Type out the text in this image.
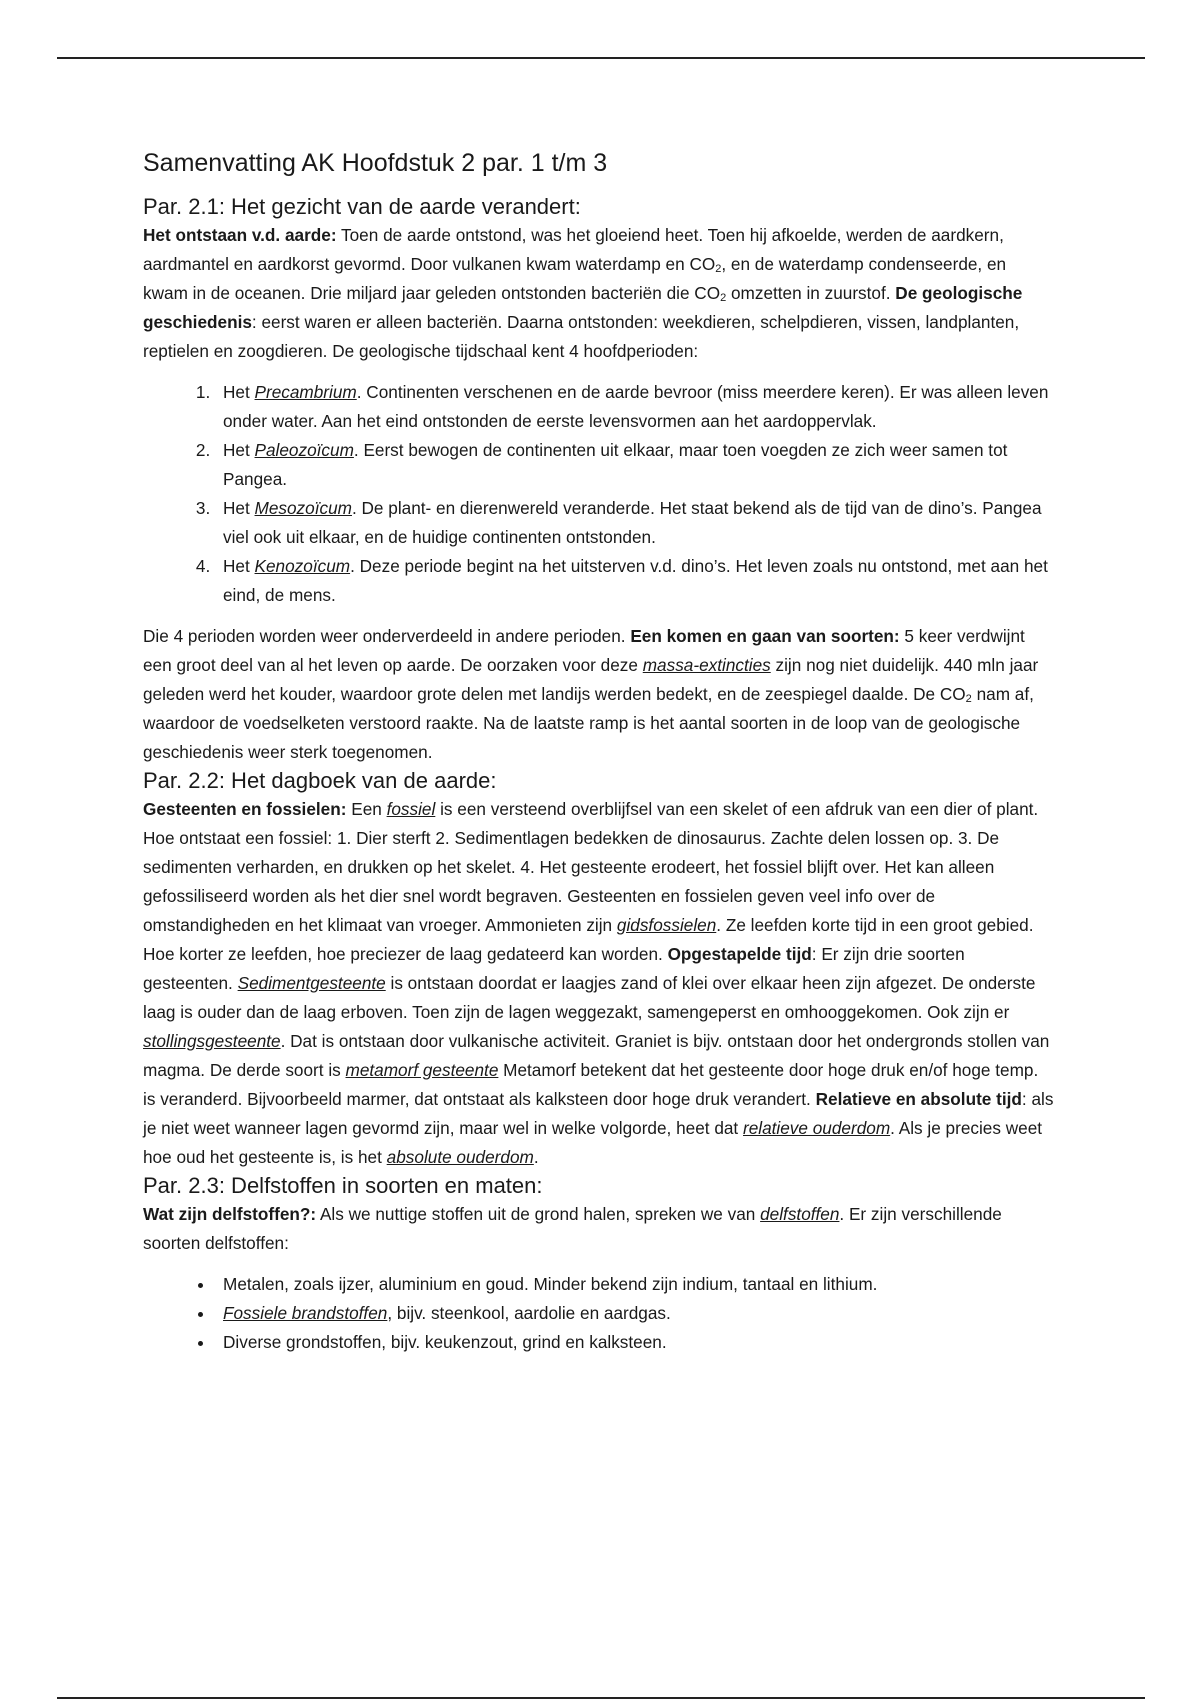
Samenvatting AK Hoofdstuk 2 par. 1 t/m 3
Par. 2.1: Het gezicht van de aarde verandert:

Het ontstaan v.d. aarde: Toen de aarde ontstond, was het gloeiend heet. Toen hij afkoelde, werden de aardkern, aardmantel en aardkorst gevormd. Door vulkanen kwam waterdamp en $CO_2$, en de waterdamp condenseerde, en kwam in de oceanen. Drie miljard jaar geleden ontstonden bacteriën die $CO_2$ omzetten in zuurstof. De geologische geschiedenis: eerst waren er alleen bacteriën. Daarna ontstonden: weekdieren, schelpdieren, vissen, landplanten, reptielen en zoogdieren. De geologische tijdschaal kent 4 hoofdperioden:

1. Het Precambrium. Continenten verschenen en de aarde bevroor (miss meerdere keren). Er was alleen leven onder water. Aan het eind ontstonden de eerste levensvormen aan het aardoppervlak.
2. Het Paleozoïcum. Eerst bewogen de continenten uit elkaar, maar toen voegden ze zich weer samen tot Pangea.
3. Het Mesozoïcum. De plant- en dierenwereld veranderde. Het staat bekend als de tijd van de dino’s. Pangea viel ook uit elkaar, en de huidige continenten ontstonden.
4. Het Kenozoïcum. Deze periode begint na het uitsterven v.d. dino’s. Het leven zoals nu ontstond, met aan het eind, de mens.

Die 4 perioden worden weer onderverdeeld in andere perioden. Een komen en gaan van soorten: 5 keer verdwijnt een groot deel van al het leven op aarde. De oorzaken voor deze massa-extincties zijn nog niet duidelijk. 440 mln jaar geleden werd het kouder, waardoor grote delen met landijs werden bedekt, en de zeespiegel daalde. De $CO_2$ nam af, waardoor de voedselketen verstoord raakte. Na de laatste ramp is het aantal soorten in de loop van de geologische geschiedenis weer sterk toegenomen.

Par. 2.2: Het dagboek van de aarde:

Gesteenten en fossielen: Een fossiel is een versteend overblijfsel van een skelet of een afdruk van een dier of plant. Hoe ontstaat een fossiel: 1. Dier sterft 2. Sedimentlagen bedekken de dinosaurus. Zachte delen lossen op. 3. De sedimenten verharden, en drukken op het skelet. 4. Het gesteente erodeert, het fossiel blijft over. Het kan alleen gefossiliseerd worden als het dier snel wordt begraven. Gesteenten en fossielen geven veel info over de omstandigheden en het klimaat van vroeger. Ammonieten zijn gidsfossielen. Ze leefden korte tijd in een groot gebied. Hoe korter ze leefden, hoe preciezer de laag gedateerd kan worden. Opgestapelde tijd: Er zijn drie soorten gesteenten. Sedimentgesteente is ontstaan doordat er laagjes zand of klei over elkaar heen zijn afgezet. De onderste laag is ouder dan de laag erboven. Toen zijn de lagen weggezakt, samengeperst en omhooggekomen. Ook zijn er stollingsgesteente. Dat is ontstaan door vulkanische activiteit. Graniet is bijv. ontstaan door het ondergronds stollen van magma. De derde soort is metamorf gesteente Metamorf betekent dat het gesteente door hoge druk en/of hoge temp. is veranderd. Bijvoorbeeld marmer, dat ontstaat als kalksteen door hoge druk verandert. Relatieve en absolute tijd: als je niet weet wanneer lagen gevormd zijn, maar wel in welke volgorde, heet dat relatieve ouderdom. Als je precies weet hoe oud het gesteente is, is het absolute ouderdom.

Par. 2.3: Delfstoffen in soorten en maten:

Wat zijn delfstoffen?: Als we nuttige stoffen uit de grond halen, spreken we van delfstoffen. Er zijn verschillende soorten delfstoffen:

• Metalen, zoals ijzer, aluminium en goud. Minder bekend zijn indium, tantaal en lithium.
• Fossiele brandstoffen, bijv. steenkool, aardolie en aardgas.
• Diverse grondstoffen, bijv. keukenzout, grind en kalksteen.
